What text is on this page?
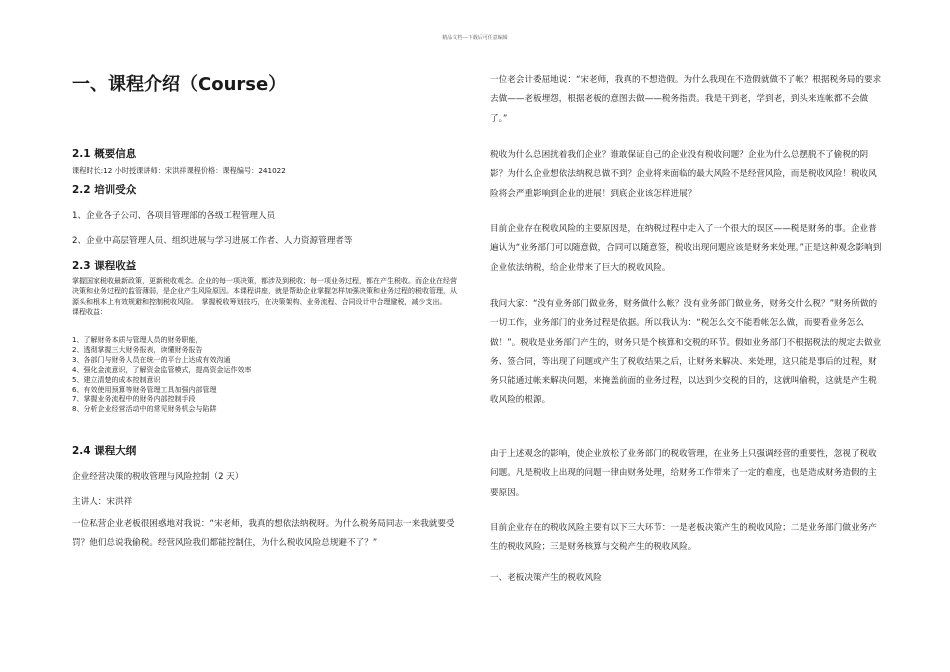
精品文档---下载后可任意编辑
一、课程介绍（Course）
2.1 概要信息
课程时长:12 小时授课讲师：宋洪祥课程价格：课程编号：241022
2.2 培训受众
1、企业各子公司、各项目管理部的各级工程管理人员
2、企业中高层管理人员、组织进展与学习进展工作者、人力资源管理者等
2.3 课程收益

掌握国家税收最新政策，更新税收观念。企业的每一项决策，都涉及到税收；每一项业务过程，都在产生税收。而企业在经营决策和业务过程的监管薄弱，是企业产生风险原因。本课程讲座，就是帮助企业掌握怎样加强决策和业务过程的税收管理，从源头和根本上有效规避和控制税收风险。　掌握税收筹划技巧，在决策架构、业务流程、合同设计中合理避税，减少支出。
课程收益：

1、了解财务本质与管理人员的财务职能，
2、透彻掌握三大财务报表，读懂财务报告
3、各部门与财务人员在统一的平台上达成有效沟通
4、强化金流意识，了解资金监管模式，提高资金运作效率
5、建立清楚的成本控制意识
6、有效使用预算等财务管理工具加强内部管理
7、掌握业务流程中的财务内部控制手段
8、分析企业经营活动中的常见财务机会与陷阱
2.4 课程大纲
企业经营决策的税收管理与风险控制（2 天）
主讲人：宋洪祥

一位私营企业老板很困惑地对我说：“宋老师，我真的想依法纳税呀。为什么税务局同志一来我就要受罚？他们总说我偷税。经营风险我们都能控制住，为什么税收风险总规避不了？”

一位老会计委屈地说：“宋老师，我真的不想造假。为什么我现在不造假就做不了帐？根据税务局的要求去做——老板埋怨，根据老板的意图去做——税务指责。我是干到老，学到老，到头来连帐都不会做了。”

税收为什么总困扰着我们企业？谁敢保证自己的企业没有税收问题？企业为什么总摆脱不了偷税的阴影？为什么企业想依法纳税总做不到？企业将来面临的最大风险不是经营风险，而是税收风险！税收风险将会严重影响到企业的进展！到底企业该怎样进展？

目前企业存在税收风险的主要原因是，在纳税过程中走入了一个很大的误区——税是财务的事。企业普遍认为“业务部门可以随意做，合同可以随意签，税收出现问题应该是财务来处理。”正是这种观念影响到企业依法纳税，给企业带来了巨大的税收风险。

我问大家：“没有业务部门做业务，财务做什么帐？没有业务部门做业务，财务交什么税？”财务所做的一切工作，业务部门的业务过程是依据。所以我认为：“税怎么交不能看帐怎么做，而要看业务怎么做！”。税收是业务部门产生的，财务只是个核算和交税的环节。假如业务部门不根据税法的规定去做业务、签合同，等出现了问题或产生了税收结果之后，让财务来解决、来处理，这只能是事后的过程，财务只能通过帐来解决问题，来掩盖前面的业务过程，以达到少交税的目的，这就叫偷税，这就是产生税收风险的根源。

由于上述观念的影响，使企业放松了业务部门的税收管理，在业务上只强调经营的重要性，忽视了税收问题。凡是税收上出现的问题一律由财务处理，给财务工作带来了一定的难度，也是造成财务造假的主要原因。

目前企业存在的税收风险主要有以下三大环节：一是老板决策产生的税收风险；二是业务部门做业务产生的税收风险；三是财务核算与交税产生的税收风险。

一、老板决策产生的税收风险
